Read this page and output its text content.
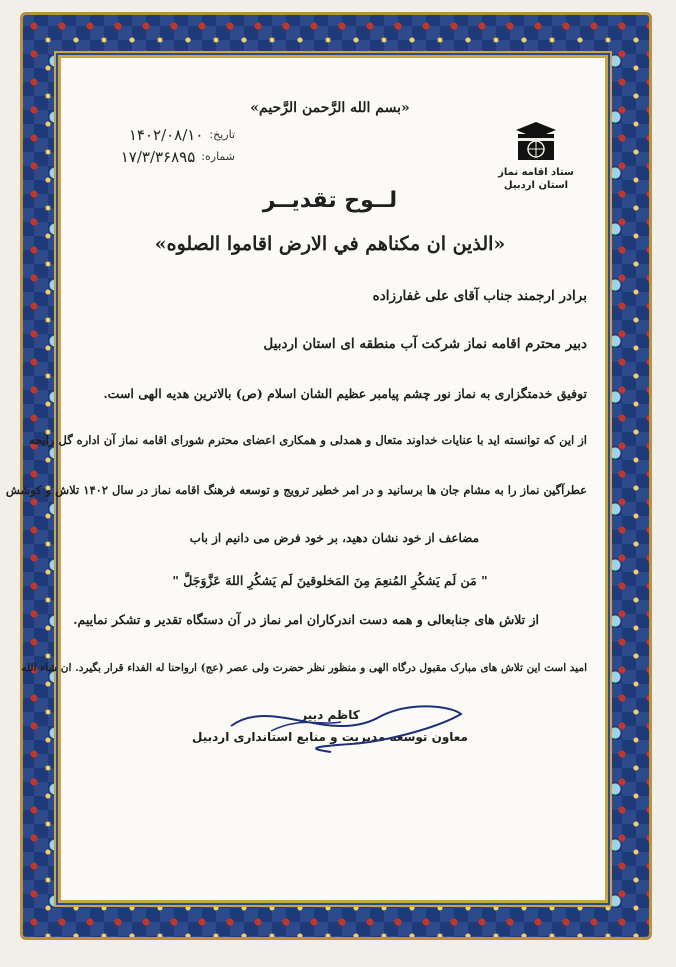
«بسم الله الرَّحمن الرَّحیم»
ستاد اقامه نماز
استان اردبیل
تاریخ:
۱۴۰۲/۰۸/۱۰
شماره:
۱۷/۳/۳۶۸۹۵
لــوح تقديــر
«الذين ان مكناهم في الارض اقاموا الصلوه»
برادر ارجمند جناب آقای علی غفارزاده
دبیر محترم اقامه نماز شرکت آب منطقه ای استان اردبیل
توفیق خدمتگزاری به نماز نور چشم پیامبر عظیم الشان اسلام (ص) بالاترین هدیه الهی است.
از این که توانسته اید با عنایات خداوند متعال و همدلی و همکاری اعضای محترم شورای اقامه نماز آن اداره گل رایحه
عطرآگین نماز را به مشام جان ها برسانید و در امر خطیر ترویج و توسعه فرهنگ اقامه نماز در سال ۱۴۰۲ تلاش و کوشش
مضاعف از خود نشان دهید، بر خود فرض می دانیم از باب
" مَن لَم یَشکُرِ المُنعِمَ مِنَ المَخلوقینَ لَم یَشکُرِ اللهَ عَزَّوَجَلَّ "
از تلاش های جنابعالی و همه دست اندرکاران امر نماز در آن دستگاه تقدیر و تشکر نماییم.
امید است این تلاش های مبارک مقبول درگاه الهی و منظور نظر حضرت ولی عصر (عج) ارواحنا له الفداء قرار بگیرد. ان شاء الله
کاظم دبیر
معاون توسعه مدیریت و منابع استانداری اردبیل
